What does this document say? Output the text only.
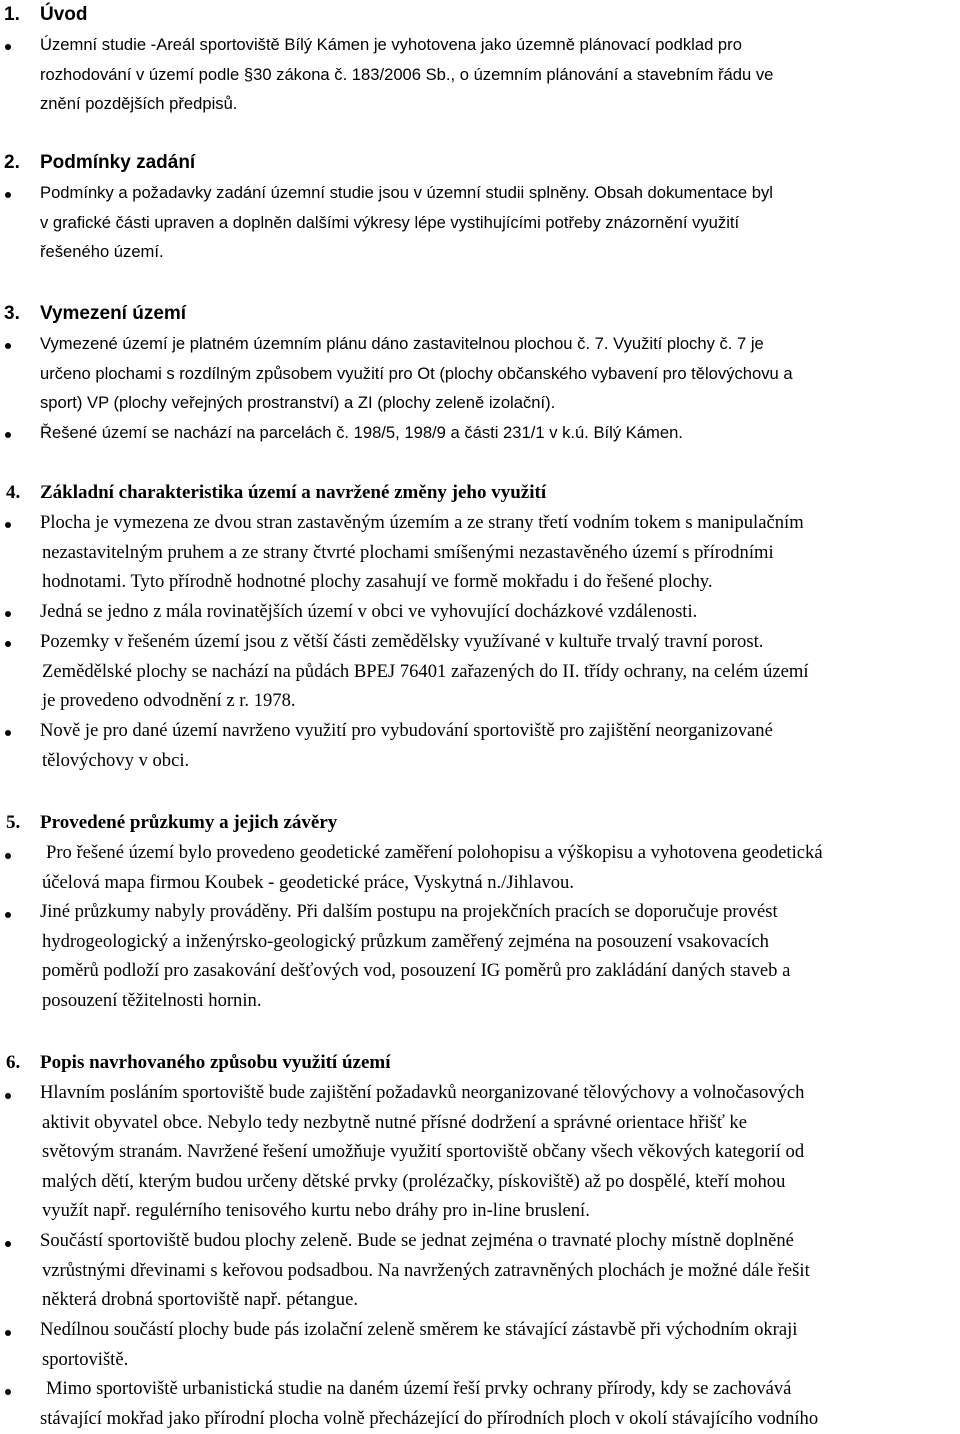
1. Úvod
Územní studie -Areál sportoviště Bílý Kámen je vyhotovena jako územně plánovací podklad pro
rozhodování v území podle §30 zákona č. 183/2006 Sb., o územním plánování a stavebním řádu ve
znění pozdějších předpisů.
2. Podmínky zadání
Podmínky a požadavky zadání územní studie jsou v územní studii splněny. Obsah dokumentace byl
v grafické části upraven a doplněn dalšími výkresy lépe vystihujícími potřeby znázornění využití
řešeného území.
3. Vymezení území
Vymezené území je platném územním plánu dáno zastavitelnou plochou č. 7. Využití plochy č. 7 je
určeno plochami s rozdílným způsobem využití pro Ot (plochy občanského vybavení pro tělovýchovu a
sport) VP (plochy veřejných prostranství) a ZI (plochy zeleně izolační).
Řešené území se nachází na parcelách č. 198/5, 198/9 a části 231/1 v k.ú. Bílý Kámen.
4. Základní charakteristika území a navržené změny jeho využití
Plocha je vymezena ze dvou stran zastavěným územím a ze strany třetí vodním tokem s manipulačním
nezastavitelným pruhem a ze strany čtvrté plochami smíšenými nezastavěného území s přírodními
hodnotami. Tyto přírodně hodnotné plochy zasahují ve formě mokřadu i do řešené plochy.
Jedná se jedno z mála rovinatějších území v obci ve vyhovující docházkové vzdálenosti.
Pozemky v řešeném území jsou z větší části zemědělsky využívané v kultuře trvalý travní porost.
Zemědělské plochy se nachází na půdách BPEJ 76401 zařazených do II. třídy ochrany, na celém území
je provedeno odvodnění z r. 1978.
Nově je pro dané území navrženo využití pro vybudování sportoviště pro zajištění neorganizované
tělovýchovy v obci.
5. Provedené průzkumy a jejich závěry
Pro řešené území bylo provedeno geodetické zaměření polohopisu a výškopisu a vyhotovena geodetická
účelová mapa firmou Koubek - geodetické práce, Vyskytná n./Jihlavou.
Jiné průzkumy nabyly prováděny. Při dalším postupu na projekčních pracích se doporučuje provést
hydrogeologický a inženýrsko-geologický průzkum zaměřený zejména na posouzení vsakovacích
poměrů podloží pro zasakování dešťových vod, posouzení IG poměrů pro zakládání daných staveb a
posouzení těžitelnosti hornin.
6. Popis navrhovaného způsobu využití území
Hlavním posláním sportoviště bude zajištění požadavků neorganizované tělovýchovy a volnočasových
aktivit obyvatel obce. Nebylo tedy nezbytně nutné přísné dodržení a správné orientace hřišť ke
světovým stranám. Navržené řešení umožňuje využití sportoviště občany všech věkových kategorií od
malých dětí, kterým budou určeny dětské prvky (prolézačky, pískoviště) až po dospělé, kteří mohou
využít např. regulérního tenisového kurtu nebo dráhy pro in-line bruslení.
Součástí sportoviště budou plochy zeleně. Bude se jednat zejména o travnaté plochy místně doplněné
vzrůstnými dřevinami s keřovou podsadbou. Na navržených zatravněných plochách je možné dále řešit
některá drobná sportoviště např. pétangue.
Nedílnou součástí plochy bude pás izolační zeleně směrem ke stávající zástavbě při východním okraji
sportoviště.
Mimo sportoviště urbanistická studie na daném území řeší prvky ochrany přírody, kdy se zachovává
stávající mokřad jako přírodní plocha volně přecházející do přírodních ploch v okolí stávajícího vodního
